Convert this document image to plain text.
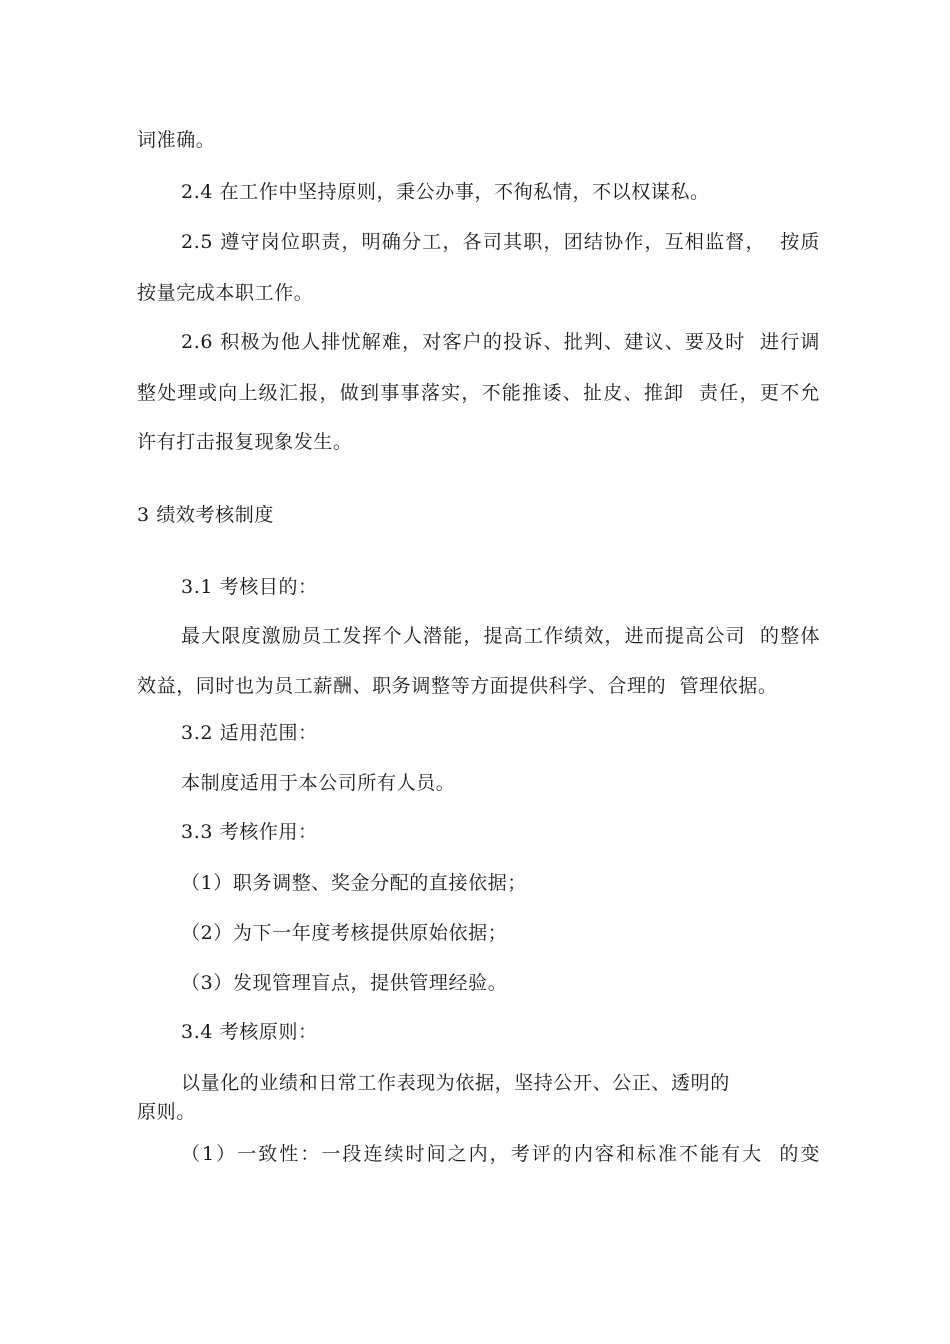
词准确。
2.4 在工作中坚持原则，秉公办事，不徇私情，不以权谋私。
2.5 遵守岗位职责，明确分工，各司其职，团结协作，互相监督，  按质
按量完成本职工作。
2.6 积极为他人排忧解难，对客户的投诉、批判、建议、要及时  进行调
整处理或向上级汇报，做到事事落实，不能推诿、扯皮、推卸  责任，更不允
许有打击报复现象发生。
3 绩效考核制度
3.1 考核目的：
最大限度激励员工发挥个人潜能，提高工作绩效，进而提高公司  的整体
效益，同时也为员工薪酬、职务调整等方面提供科学、合理的  管理依据。
3.2 适用范围：
本制度适用于本公司所有人员。
3.3 考核作用：
（1）职务调整、奖金分配的直接依据；
（2）为下一年度考核提供原始依据；
（3）发现管理盲点，提供管理经验。
3.4 考核原则：
以量化的业绩和日常工作表现为依据，坚持公开、公正、透明的
原则。
（1）一致性：一段连续时间之内，考评的内容和标准不能有大  的变
